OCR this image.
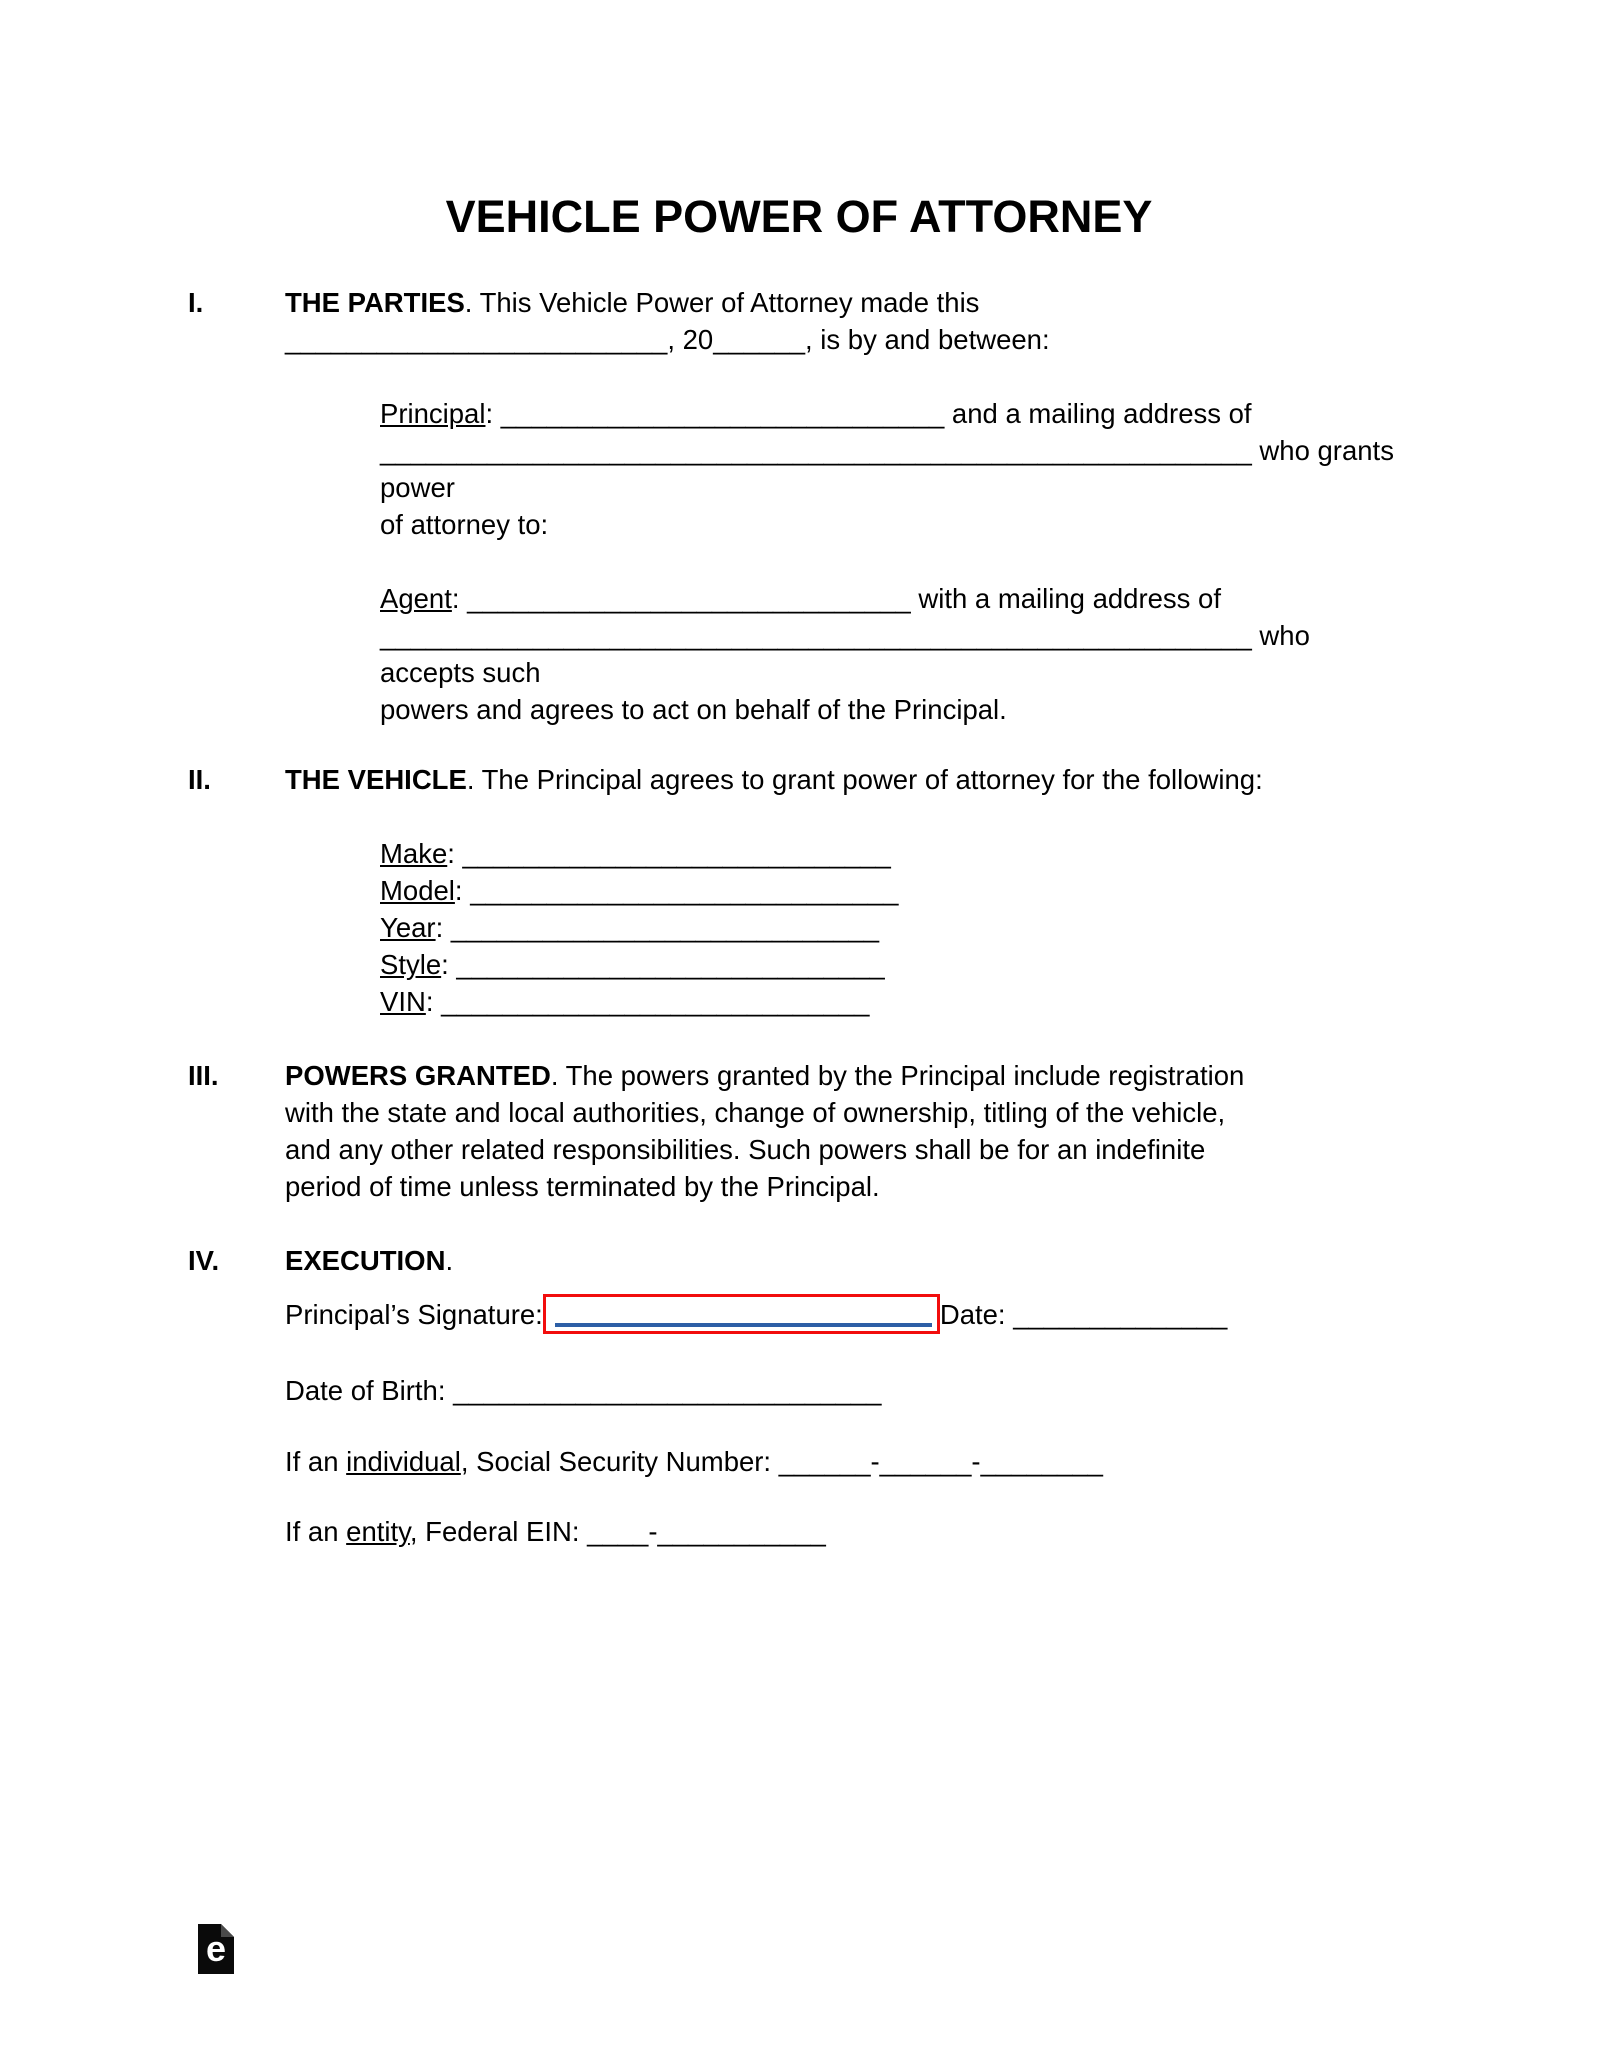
VEHICLE POWER OF ATTORNEY
I.	THE PARTIES. This Vehicle Power of Attorney made this
_________________________, 20______, is by and between:
Principal: _____________________________ and a mailing address of
_________________________________________________________ who grants power
of attorney to:
Agent: _____________________________ with a mailing address of
_________________________________________________________ who accepts such
powers and agrees to act on behalf of the Principal.
II.	THE VEHICLE. The Principal agrees to grant power of attorney for the following:
Make: ____________________________
Model: ____________________________
Year: ____________________________
Style: ____________________________
VIN: ____________________________
III.	POWERS GRANTED. The powers granted by the Principal include registration
with the state and local authorities, change of ownership, titling of the vehicle,
and any other related responsibilities. Such powers shall be for an indefinite
period of time unless terminated by the Principal.
IV.	EXECUTION.
Principal’s Signature:

	Date: ______________
Date of Birth: ____________________________
If an individual, Social Security Number: ______-______-________
If an entity, Federal EIN: ____-___________
e
